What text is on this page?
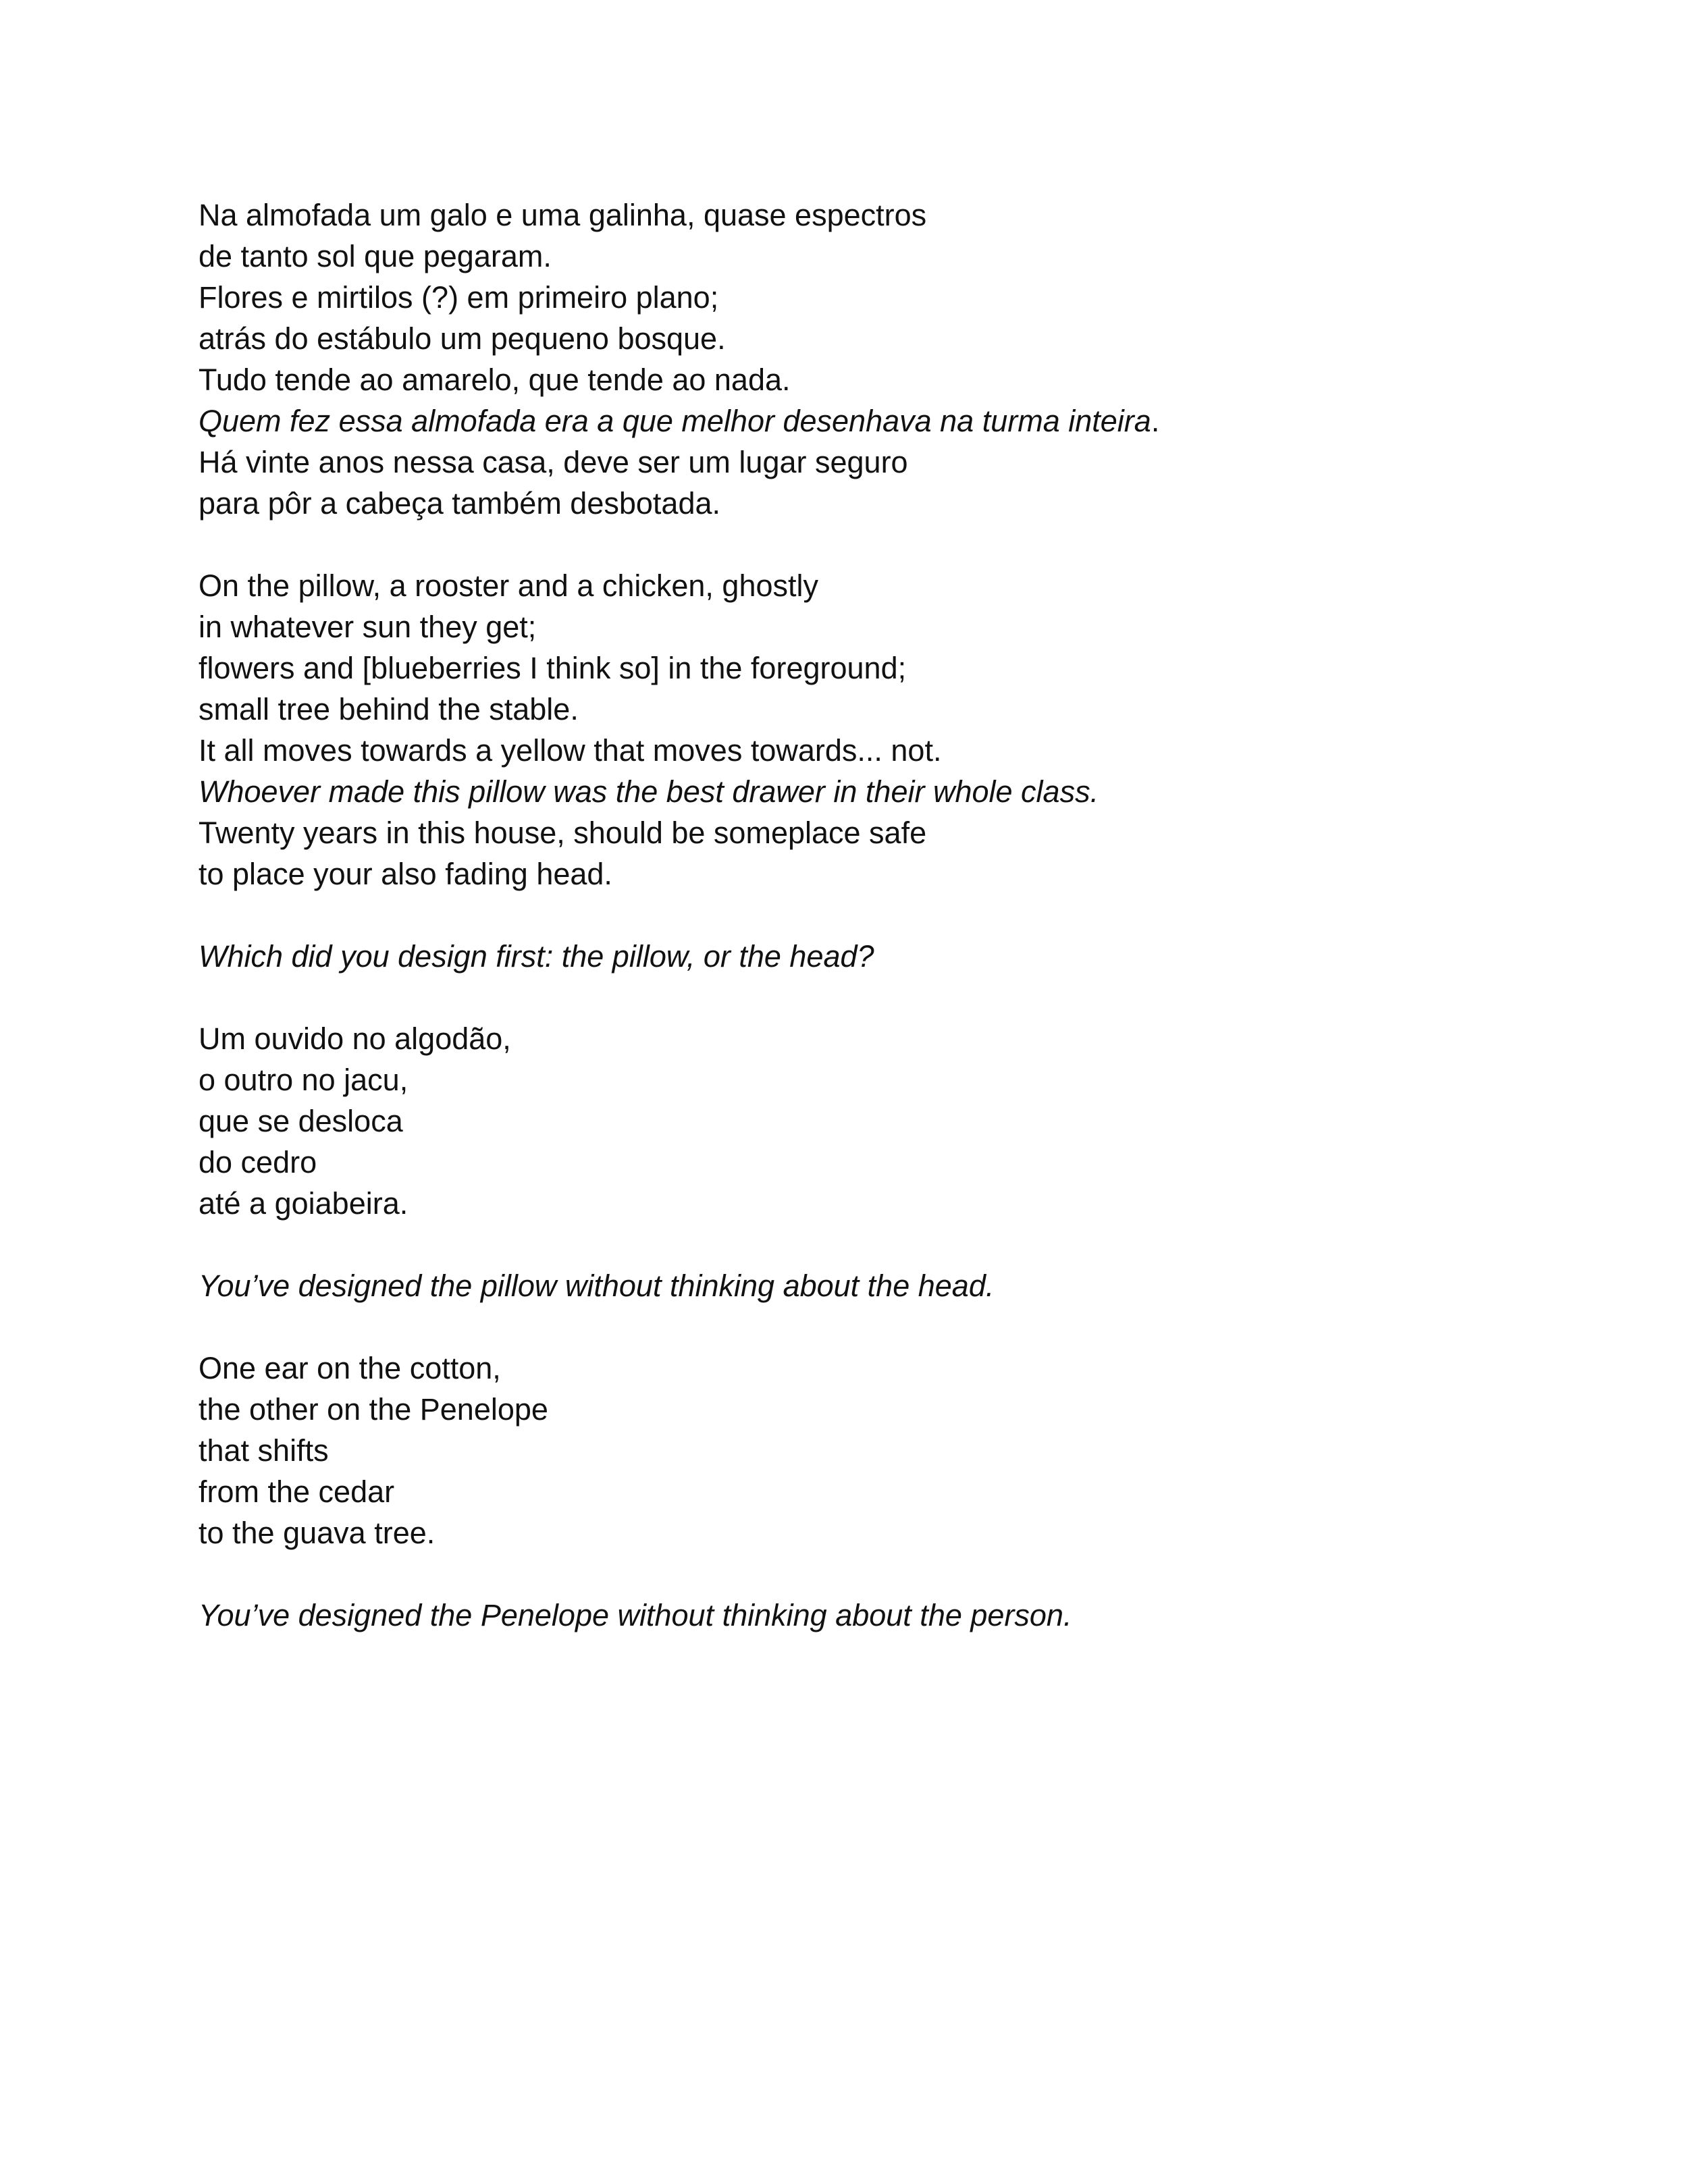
Na almofada um galo e uma galinha, quase espectros
de tanto sol que pegaram.
Flores e mirtilos (?) em primeiro plano;
atrás do estábulo um pequeno bosque.
Tudo tende ao amarelo, que tende ao nada.
Quem fez essa almofada era a que melhor desenhava na turma inteira.
Há vinte anos nessa casa, deve ser um lugar seguro
para pôr a cabeça também desbotada.
On the pillow, a rooster and a chicken, ghostly
in whatever sun they get;
flowers and [blueberries I think so] in the foreground;
small tree behind the stable.
It all moves towards a yellow that moves towards... not.
Whoever made this pillow was the best drawer in their whole class.
Twenty years in this house, should be someplace safe
to place your also fading head.
Which did you design first: the pillow, or the head?
Um ouvido no algodão,
o outro no jacu,
que se desloca
do cedro
até a goiabeira.
You’ve designed the pillow without thinking about the head.
One ear on the cotton,
the other on the Penelope
that shifts
from the cedar
to the guava tree.
You’ve designed the Penelope without thinking about the person.
